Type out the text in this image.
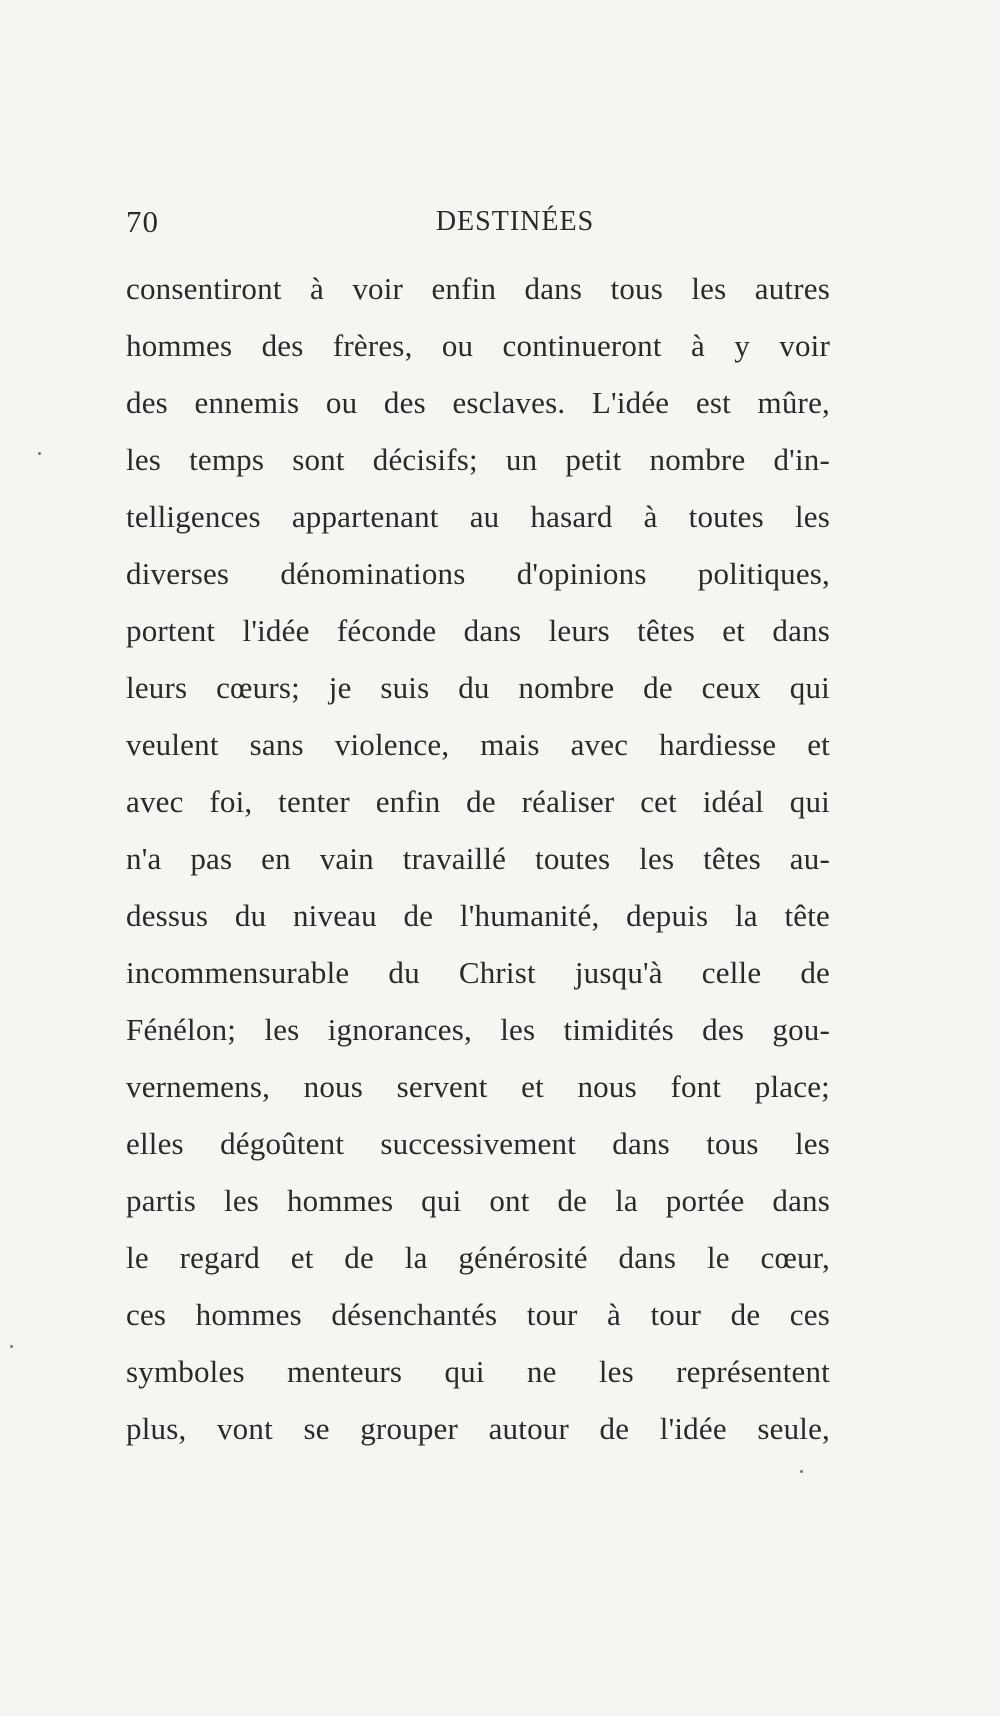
70	DESTINÉES
consentiront à voir enfin dans tous les autres
hommes des frères, ou continueront à y voir
des ennemis ou des esclaves. L'idée est mûre,
les temps sont décisifs; un petit nombre d'in-
telligences appartenant au hasard à toutes les
diverses dénominations d'opinions politiques,
portent l'idée féconde dans leurs têtes et dans
leurs cœurs; je suis du nombre de ceux qui
veulent sans violence, mais avec hardiesse et
avec foi, tenter enfin de réaliser cet idéal qui
n'a pas en vain travaillé toutes les têtes au-
dessus du niveau de l'humanité, depuis la tête
incommensurable du Christ jusqu'à celle de
Fénélon; les ignorances, les timidités des gou-
vernemens, nous servent et nous font place;
elles dégoûtent successivement dans tous les
partis les hommes qui ont de la portée dans
le regard et de la générosité dans le cœur,
ces hommes désenchantés tour à tour de ces
symboles menteurs qui ne les représentent
plus, vont se grouper autour de l'idée seule,
